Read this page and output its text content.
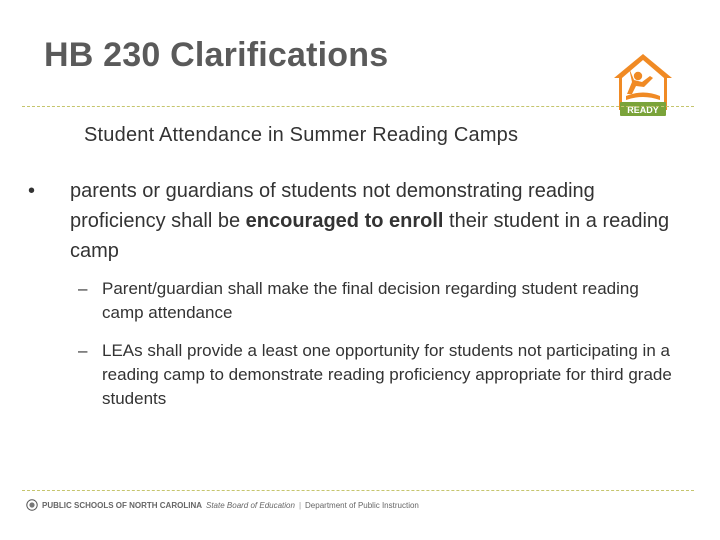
HB 230 Clarifications
READY
Student Attendance in Summer Reading Camps
•	parents or guardians of students not demonstrating reading proficiency shall be encouraged to enroll their student in a reading camp
– Parent/guardian shall make the final decision regarding student reading camp attendance
– LEAs shall provide a least one opportunity for students not participating in a reading camp to demonstrate reading proficiency appropriate for third grade students
PUBLIC SCHOOLS OF NORTH CAROLINA State Board of Education | Department of Public Instruction
